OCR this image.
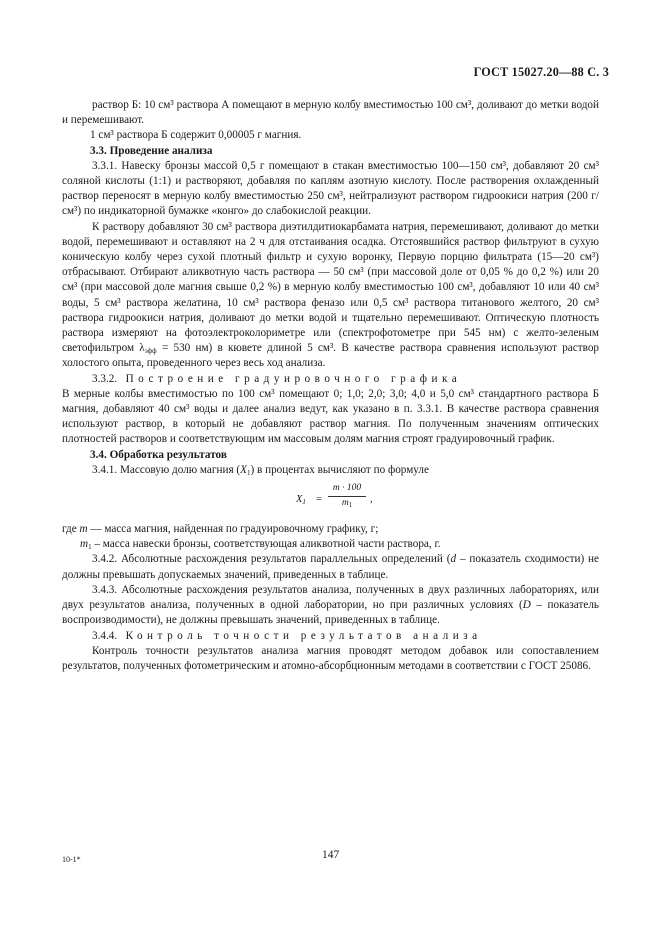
ГОСТ 15027.20—88 С. 3

раствор Б: 10 см³ раствора А помещают в мерную колбу вместимостью 100 см³, доливают до метки водой и перемешивают.

1 см³ раствора Б содержит 0,00005 г магния.

3.3. Проведение анализа

3.3.1. Навеску бронзы массой 0,5 г помещают в стакан вместимостью 100—150 см³, добавляют 20 см³ соляной кислоты (1:1) и растворяют, добавляя по каплям азотную кислоту. После растворения охлажденный раствор переносят в мерную колбу вместимостью 250 см³, нейтрализуют раствором гидроокиси натрия (200 г/см³) по индикаторной бумажке «конго» до слабокислой реакции.

К раствору добавляют 30 см³ раствора диэтилдитиокарбамата натрия, перемешивают, доливают до метки водой, перемешивают и оставляют на 2 ч для отстаивания осадка. Отстоявшийся раствор фильтруют в сухую коническую колбу через сухой плотный фильтр и сухую воронку, Первую порцию фильтрата (15—20 см³) отбрасывают. Отбирают аликвотную часть раствора — 50 см³ (при массовой доле от 0,05 % до 0,2 %) или 20 см³ (при массовой доле магния свыше 0,2 %) в мерную колбу вместимостью 100 см³, добавляют 10 или 40 см³ воды, 5 см³ раствора желатина, 10 см³ раствора феназо или 0,5 см³ раствора титанового желтого, 20 см³ раствора гидроокиси натрия, доливают до метки водой и тщательно перемешивают. Оптическую плотность раствора измеряют на фотоэлектроколориметре или (спектрофотометре при 545 нм) с желто-зеленым светофильтром $\lambda_{эфф} = 530$ нм) в кювете длиной 5 см³. В качестве раствора сравнения используют раствор холостого опыта, проведенного через весь ход анализа.

3.3.2. Построение градуировочного графика

В мерные колбы вместимостью по 100 см³ помещают 0; 1,0; 2,0; 3,0; 4,0 и 5,0 см³ стандартного раствора Б магния, добавляют 40 см³ воды и далее анализ ведут, как указано в п. 3.3.1. В качестве раствора сравнения используют раствор, в который не добавляют раствор магния. По полученным значениям оптических плотностей растворов и соответствующим им массовым долям магния строят градуировочный график.

3.4. Обработка результатов

3.4.1. Массовую долю магния $(X_1)$ в процентах вычисляют по формуле

$X_1 = \frac{m \cdot 100}{m_1}$ ,

где m — масса магния, найденная по градуировочному графику, г;

$m_1$ – масса навески бронзы, соответствующая аликвотной части раствора, г.

3.4.2. Абсолютные расхождения результатов параллельных определений (d – показатель сходимости) не должны превышать допускаемых значений, приведенных в таблице.

3.4.3. Абсолютные расхождения результатов анализа, полученных в двух различных лабораториях, или двух результатов анализа, полученных в одной лаборатории, но при различных условиях (D – показатель воспроизводимости), не должны превышать значений, приведенных в таблице.

3.4.4. Контроль точности результатов анализа

Контроль точности результатов анализа магния проводят методом добавок или сопоставлением результатов, полученных фотометрическим и атомно-абсорбционным методами в соответствии с ГОСТ 25086.

10-1*	147
